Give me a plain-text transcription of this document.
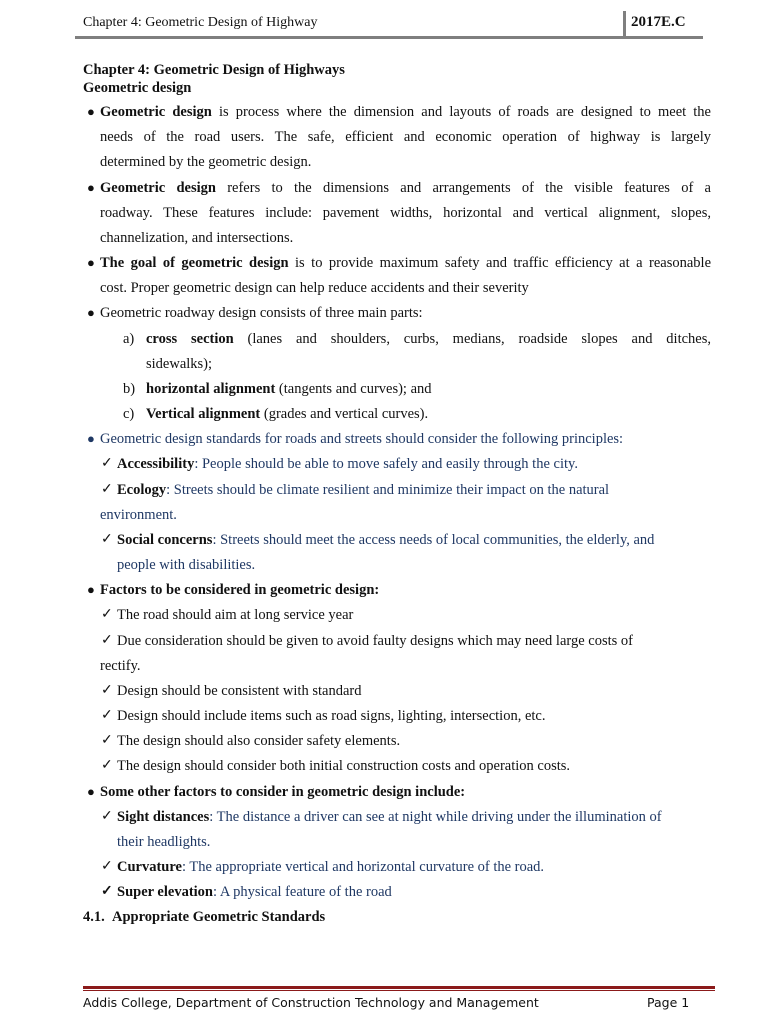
Chapter 4: Geometric Design of Highway	2017E.C
Chapter 4: Geometric Design of Highways
Geometric design
● Geometric design is process where the dimension and layouts of roads are designed to meet the
needs of the road users. The safe, efficient and economic operation of highway is largely
determined by the geometric design.
● Geometric design refers to the dimensions and arrangements of the visible features of a
roadway. These features include: pavement widths, horizontal and vertical alignment, slopes,
channelization, and intersections.
● The goal of geometric design is to provide maximum safety and traffic efficiency at a reasonable
cost. Proper geometric design can help reduce accidents and their severity
● Geometric roadway design consists of three main parts:
a) cross section (lanes and shoulders, curbs, medians, roadside slopes and ditches,
sidewalks);
b) horizontal alignment (tangents and curves); and
c) Vertical alignment (grades and vertical curves).
● Geometric design standards for roads and streets should consider the following principles:
✓ Accessibility: People should be able to move safely and easily through the city.
✓ Ecology: Streets should be climate resilient and minimize their impact on the natural
environment.
✓ Social concerns: Streets should meet the access needs of local communities, the elderly, and
people with disabilities.
● Factors to be considered in geometric design:
✓ The road should aim at long service year
✓ Due consideration should be given to avoid faulty designs which may need large costs of
rectify.
✓ Design should be consistent with standard
✓ Design should include items such as road signs, lighting, intersection, etc.
✓ The design should also consider safety elements.
✓ The design should consider both initial construction costs and operation costs.
● Some other factors to consider in geometric design include:
✓ Sight distances: The distance a driver can see at night while driving under the illumination of
their headlights.
✓ Curvature: The appropriate vertical and horizontal curvature of the road.
✓ Super elevation: A physical feature of the road
4.1. Appropriate Geometric Standards
Addis College, Department of Construction Technology and Management	Page 1
